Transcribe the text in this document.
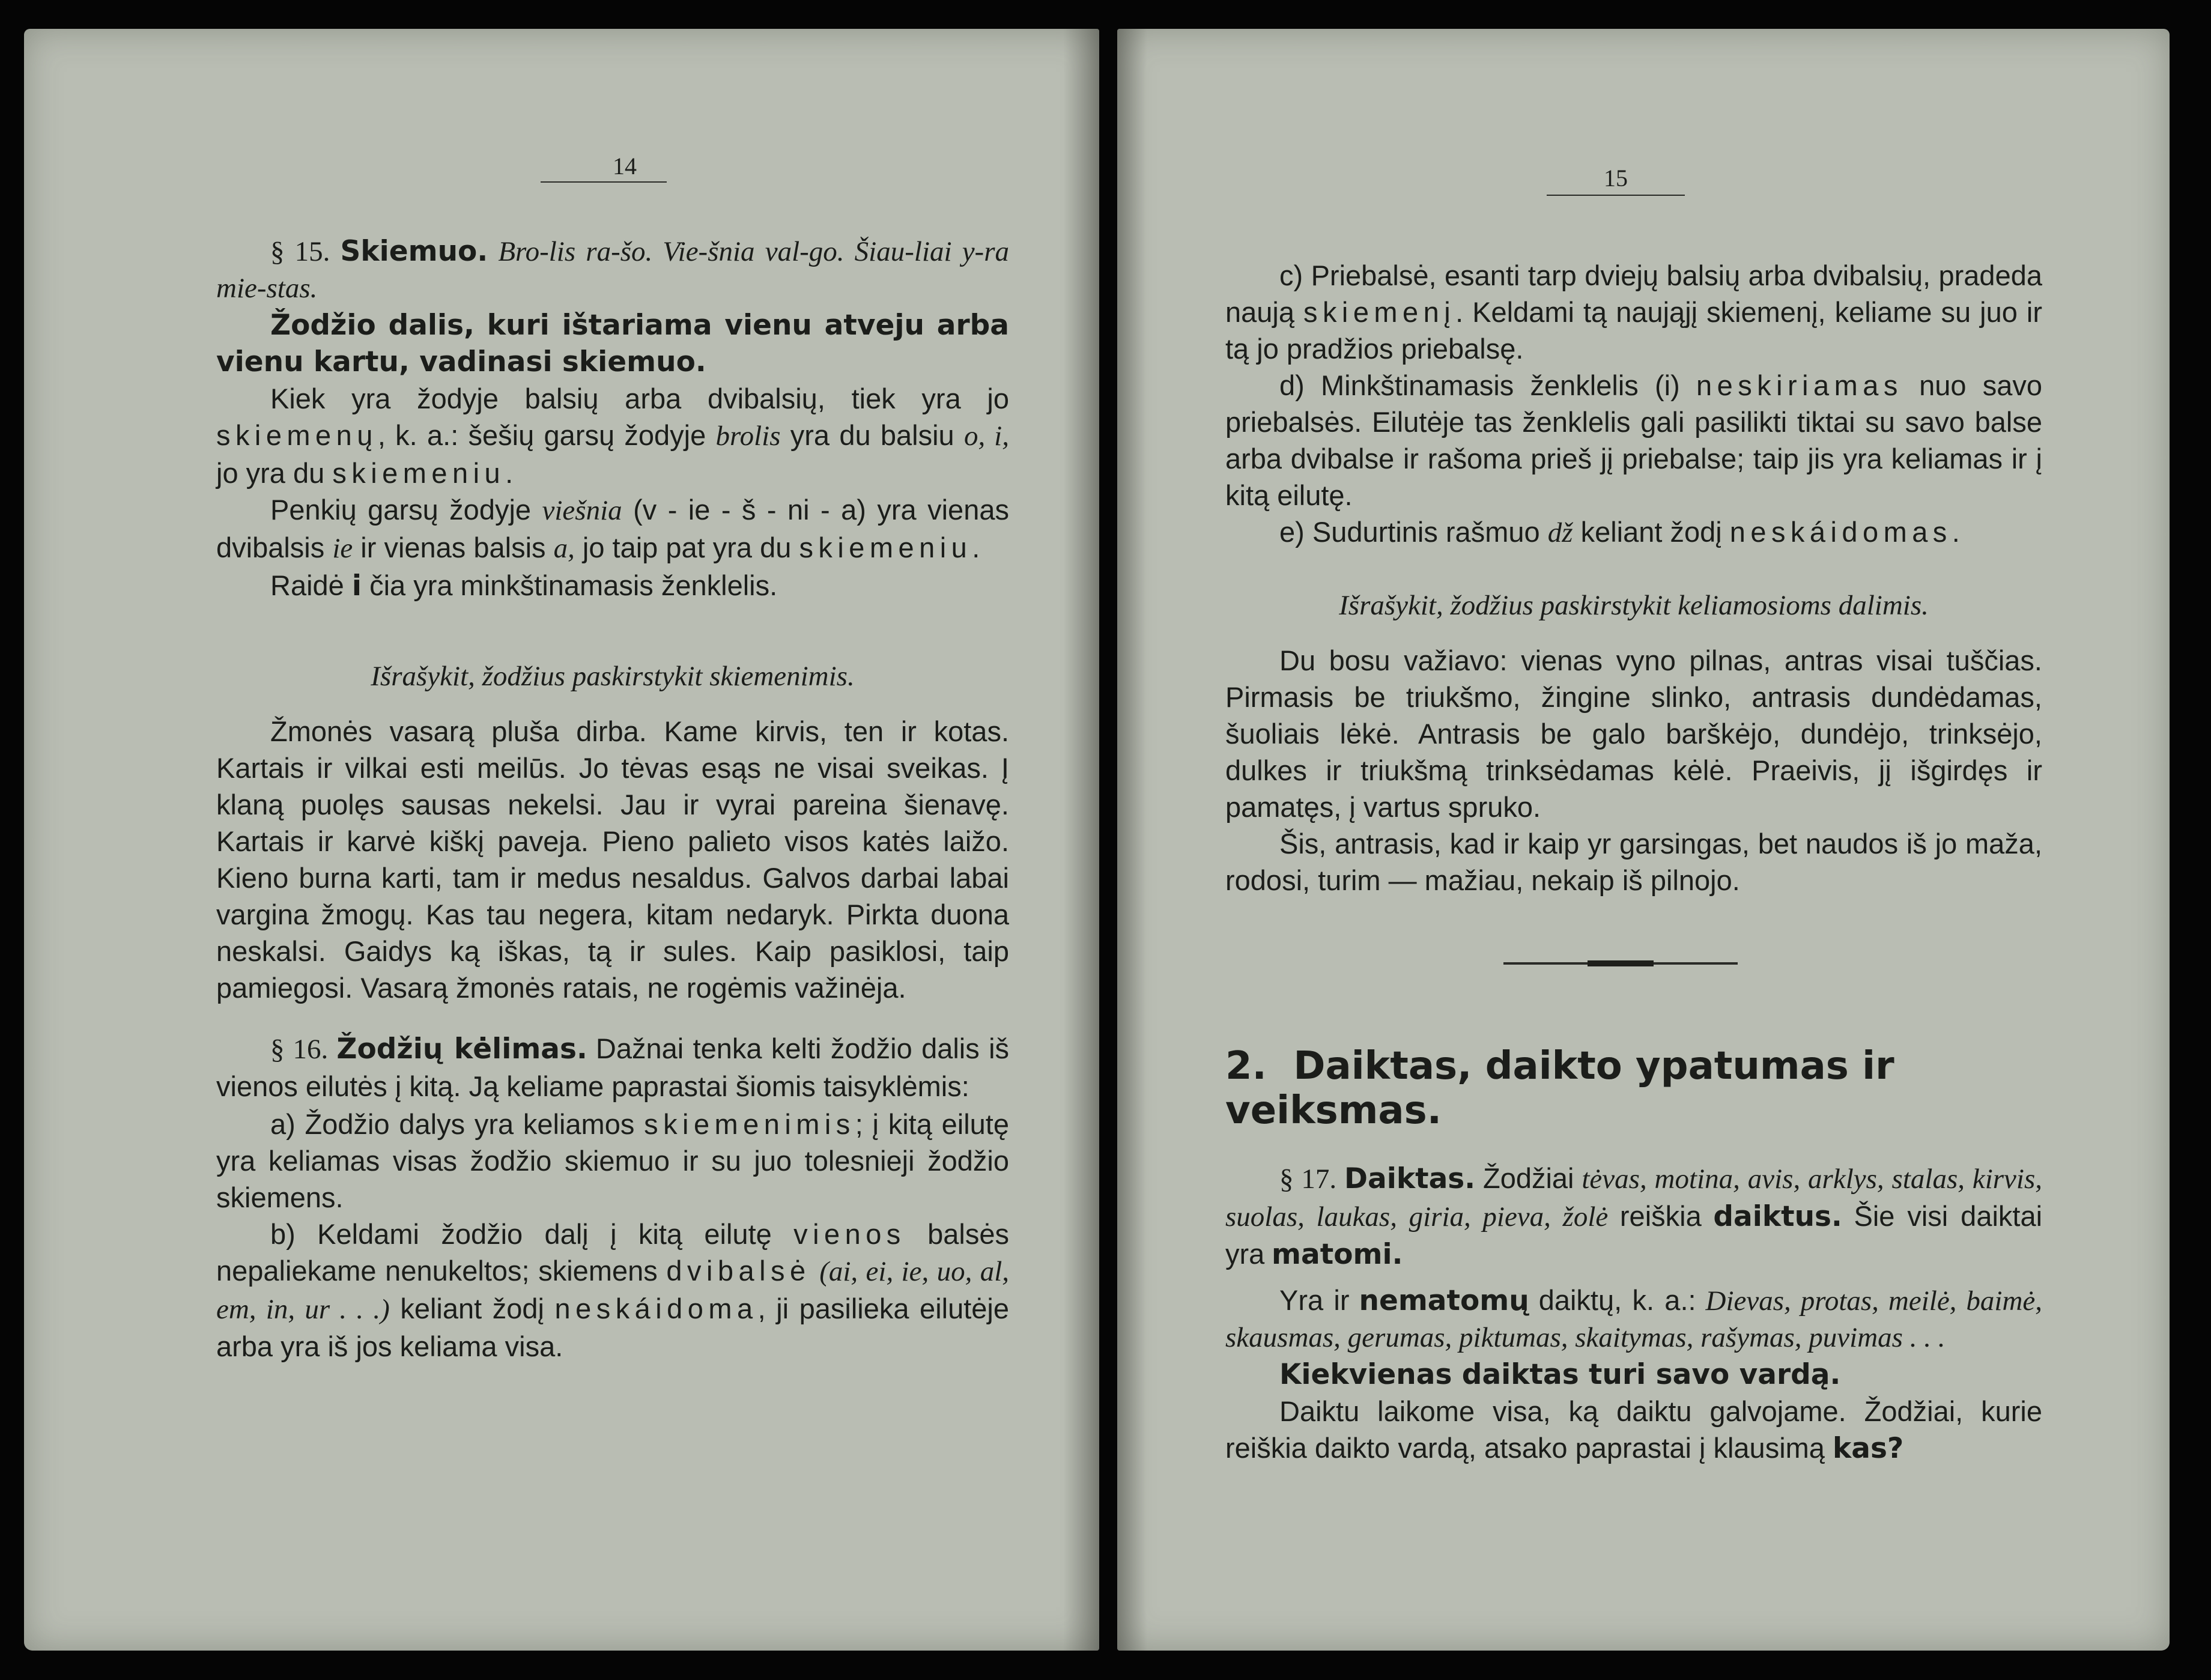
14

§ 15. Skiemuo. Bro-lis ra-šo. Vie-šnia val-go. Šiau-liai y-ra mie-stas.

Žodžio dalis, kuri ištariama vienu atveju arba vienu kartu, vadinasi skiemuo.

Kiek yra žodyje balsių arba dvibalsių, tiek yra jo skiemenų, k. a.: šešių garsų žodyje brolis yra du balsiu o, i, jo yra du skiemeniu.

Penkių garsų žodyje viešnia (v - ie - š - ni - a) yra vienas dvibalsis ie ir vienas balsis a, jo taip pat yra du skiemeniu.

Raidė i čia yra minkštinamasis ženklelis.

Išrašykit, žodžius paskirstykit skiemenimis.

Žmonės vasarą pluša dirba. Kame kirvis, ten ir kotas. Kartais ir vilkai esti meilūs. Jo tėvas esąs ne visai sveikas. Į klaną puolęs sausas nekelsi. Jau ir vyrai pareina šienavę. Kartais ir karvė kiškį paveja. Pieno palieto visos katės laižo. Kieno burna karti, tam ir medus nesaldus. Galvos darbai labai vargina žmogų. Kas tau negera, kitam nedaryk. Pirkta duona neskalsi. Gaidys ką iškas, tą ir sules. Kaip pasiklosi, taip pamiegosi. Vasarą žmonės ratais, ne rogėmis važinėja.

§ 16. Žodžių kėlimas. Dažnai tenka kelti žodžio dalis iš vienos eilutės į kitą. Ją keliame paprastai šiomis taisyklėmis:

a) Žodžio dalys yra keliamos skiemenimis; į kitą eilutę yra keliamas visas žodžio skiemuo ir su juo tolesnieji žodžio skiemens.

b) Keldami žodžio dalį į kitą eilutę vienos balsės nepaliekame nenukeltos; skiemens dvibalsė (ai, ei, ie, uo, al, em, in, ur . . .) keliant žodį neskáidoma, ji pasilieka eilutėje arba yra iš jos keliama visa.

15

c) Priebalsė, esanti tarp dviejų balsių arba dvibalsių, pradeda naują skiemenį. Keldami tą naująjį skiemenį, keliame su juo ir tą jo pradžios priebalsę.

d) Minkštinamasis ženklelis (i) neskiriamas nuo savo priebalsės. Eilutėje tas ženklelis gali pasilikti tiktai su savo balse arba dvibalse ir rašoma prieš jį priebalse; taip jis yra keliamas ir į kitą eilutę.

e) Sudurtinis rašmuo dž keliant žodį neskáidomas.

Išrašykit, žodžius paskirstykit keliamosioms dalimis.

Du bosu važiavo: vienas vyno pilnas, antras visai tuščias. Pirmasis be triukšmo, žingine slinko, antrasis dundėdamas, šuoliais lėkė. Antrasis be galo barškėjo, dundėjo, trinksėjo, dulkes ir triukšmą trinksėdamas kėlė. Praeivis, jį išgirdęs ir pamatęs, į vartus spruko.

Šis, antrasis, kad ir kaip yr garsingas, bet naudos iš jo maža, rodosi, turim — mažiau, nekaip iš pilnojo.

2. Daiktas, daikto ypatumas ir
veiksmas.

§ 17. Daiktas. Žodžiai tėvas, motina, avis, arklys, stalas, kirvis, suolas, laukas, giria, pieva, žolė reiškia daiktus. Šie visi daiktai yra matomi.

Yra ir nematomų daiktų, k. a.: Dievas, protas, meilė, baimė, skausmas, gerumas, piktumas, skaitymas, rašymas, puvimas . . .

Kiekvienas daiktas turi savo vardą.

Daiktu laikome visa, ką daiktu galvojame. Žodžiai, kurie reiškia daikto vardą, atsako paprastai į klausimą kas?
